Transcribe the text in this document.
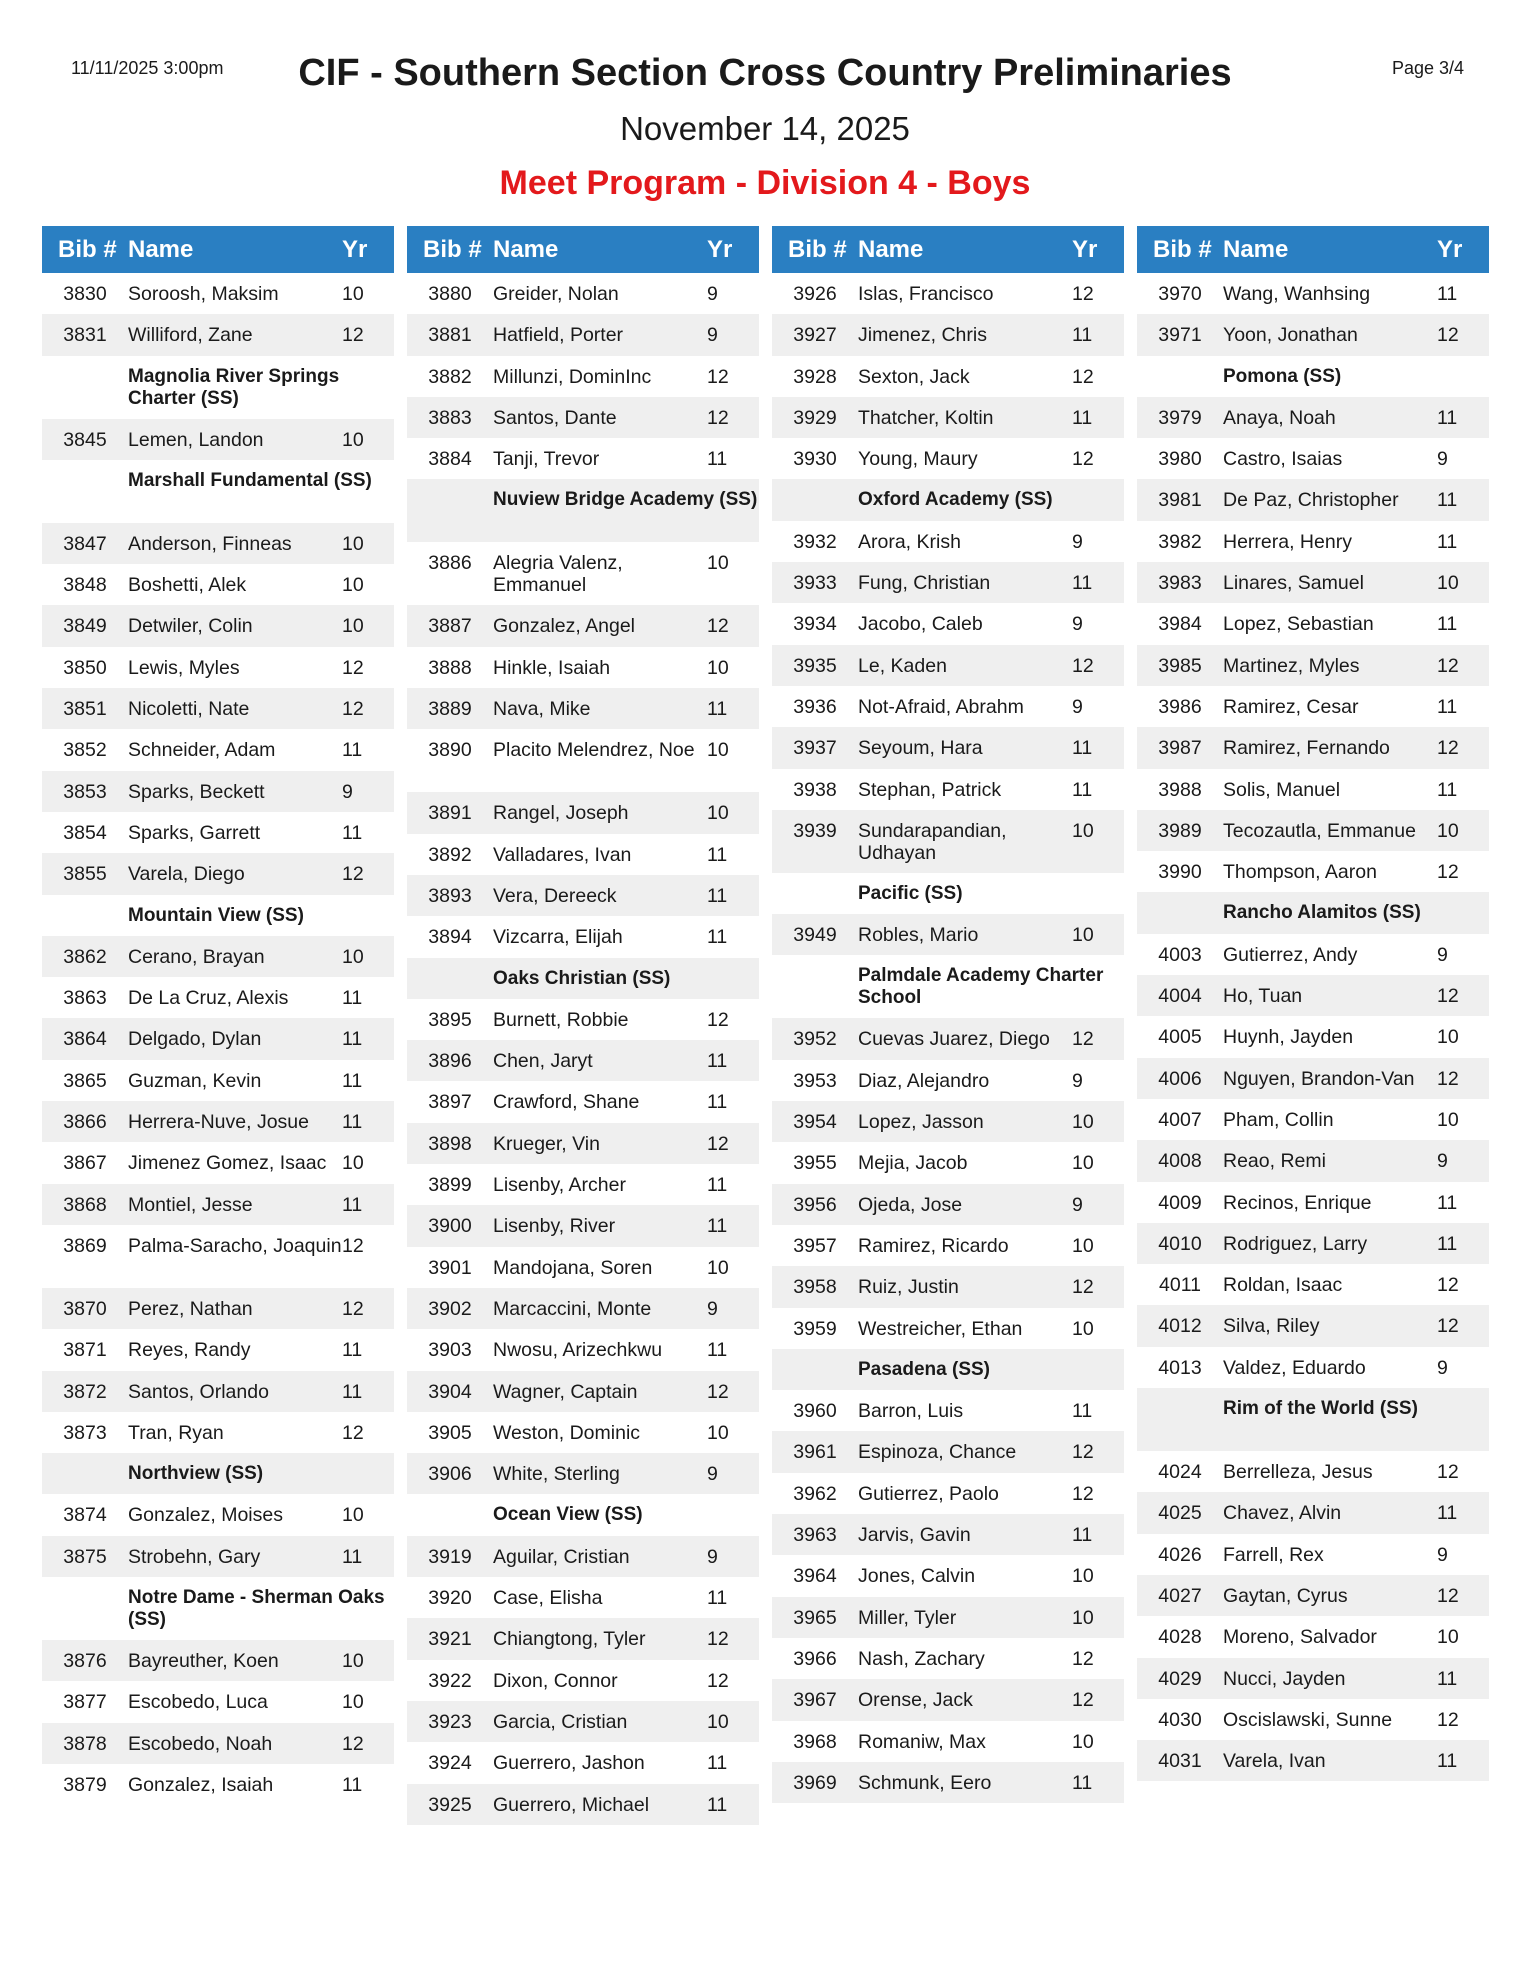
11/11/2025 3:00pm	Page 3/4
CIF - Southern Section Cross Country Preliminaries
November 14, 2025
Meet Program - Division 4 - Boys
Bib # Name	Yr
3830	Soroosh, Maksim	10
3831	Williford, Zane	12
Magnolia River Springs Charter (SS)
3845	Lemen, Landon	10
Marshall Fundamental (SS)
3847	Anderson, Finneas	10
3848	Boshetti, Alek	10
3849	Detwiler, Colin	10
3850	Lewis, Myles	12
3851	Nicoletti, Nate	12
3852	Schneider, Adam	11
3853	Sparks, Beckett	9
3854	Sparks, Garrett	11
3855	Varela, Diego	12
Mountain View (SS)
3862	Cerano, Brayan	10
3863	De La Cruz, Alexis	11
3864	Delgado, Dylan	11
3865	Guzman, Kevin	11
3866	Herrera-Nuve, Josue	11
3867	Jimenez Gomez, Isaac 10
3868	Montiel, Jesse	11
3869	Palma-Saracho, Joaquin 12
3870	Perez, Nathan	12
3871	Reyes, Randy	11
3872	Santos, Orlando	11
3873	Tran, Ryan	12
Northview (SS)
3874	Gonzalez, Moises	10
3875	Strobehn, Gary	11
Notre Dame - Sherman Oaks (SS)
3876	Bayreuther, Koen	10
3877	Escobedo, Luca	10
3878	Escobedo, Noah	12
3879	Gonzalez, Isaiah	11
Bib # Name	Yr
3880	Greider, Nolan	9
3881	Hatfield, Porter	9
3882	Millunzi, DominInc	12
3883	Santos, Dante	12
3884	Tanji, Trevor	11
Nuview Bridge Academy (SS)
3886	Alegria Valenz, Emmanuel
10
3887	Gonzalez, Angel	12
3888	Hinkle, Isaiah	10
3889	Nava, Mike	11
3890	Placito Melendrez, Noe 10
3891	Rangel, Joseph	10
3892	Valladares, Ivan	11
3893	Vera, Dereeck	11
3894	Vizcarra, Elijah	11
Oaks Christian (SS)
3895	Burnett, Robbie	12
3896	Chen, Jaryt	11
3897	Crawford, Shane	11
3898	Krueger, Vin	12
3899	Lisenby, Archer	11
3900	Lisenby, River	11
3901	Mandojana, Soren	10
3902	Marcaccini, Monte	9
3903	Nwosu, Arizechkwu	11
3904	Wagner, Captain	12
3905	Weston, Dominic	10
3906	White, Sterling	9
Ocean View (SS)
3919	Aguilar, Cristian	9
3920	Case, Elisha	11
3921	Chiangtong, Tyler	12
3922	Dixon, Connor	12
3923	Garcia, Cristian	10
3924	Guerrero, Jashon	11
3925	Guerrero, Michael	11
Bib # Name	Yr
3926	Islas, Francisco	12
3927	Jimenez, Chris	11
3928	Sexton, Jack	12
3929	Thatcher, Koltin	11
3930	Young, Maury	12
Oxford Academy (SS)
3932	Arora, Krish	9
3933	Fung, Christian	11
3934	Jacobo, Caleb	9
3935	Le, Kaden	12
3936	Not-Afraid, Abrahm	9
3937	Seyoum, Hara	11
3938	Stephan, Patrick	11
3939	Sundarapandian, Udhayan
10
Pacific (SS)
3949	Robles, Mario	10
Palmdale Academy Charter School
3952	Cuevas Juarez, Diego	12
3953	Diaz, Alejandro	9
3954	Lopez, Jasson	10
3955	Mejia, Jacob	10
3956	Ojeda, Jose	9
3957	Ramirez, Ricardo	10
3958	Ruiz, Justin	12
3959	Westreicher, Ethan	10
Pasadena (SS)
3960	Barron, Luis	11
3961	Espinoza, Chance	12
3962	Gutierrez, Paolo	12
3963	Jarvis, Gavin	11
3964	Jones, Calvin	10
3965	Miller, Tyler	10
3966	Nash, Zachary	12
3967	Orense, Jack	12
3968	Romaniw, Max	10
3969	Schmunk, Eero	11
Bib # Name	Yr
3970	Wang, Wanhsing	11
3971	Yoon, Jonathan	12
Pomona (SS)
3979	Anaya, Noah	11
3980	Castro, Isaias	9
3981	De Paz, Christopher	11
3982	Herrera, Henry	11
3983	Linares, Samuel	10
3984	Lopez, Sebastian	11
3985	Martinez, Myles	12
3986	Ramirez, Cesar	11
3987	Ramirez, Fernando	12
3988	Solis, Manuel	11
3989	Tecozautla, Emmanue	10
3990	Thompson, Aaron	12
Rancho Alamitos (SS)
4003	Gutierrez, Andy	9
4004	Ho, Tuan	12
4005	Huynh, Jayden	10
4006	Nguyen, Brandon-Van	12
4007	Pham, Collin	10
4008	Reao, Remi	9
4009	Recinos, Enrique	11
4010	Rodriguez, Larry	11
4011	Roldan, Isaac	12
4012	Silva, Riley	12
4013	Valdez, Eduardo	9
Rim of the World (SS)
4024	Berrelleza, Jesus	12
4025	Chavez, Alvin	11
4026	Farrell, Rex	9
4027	Gaytan, Cyrus	12
4028	Moreno, Salvador	10
4029	Nucci, Jayden	11
4030	Oscislawski, Sunne	12
4031	Varela, Ivan	11
